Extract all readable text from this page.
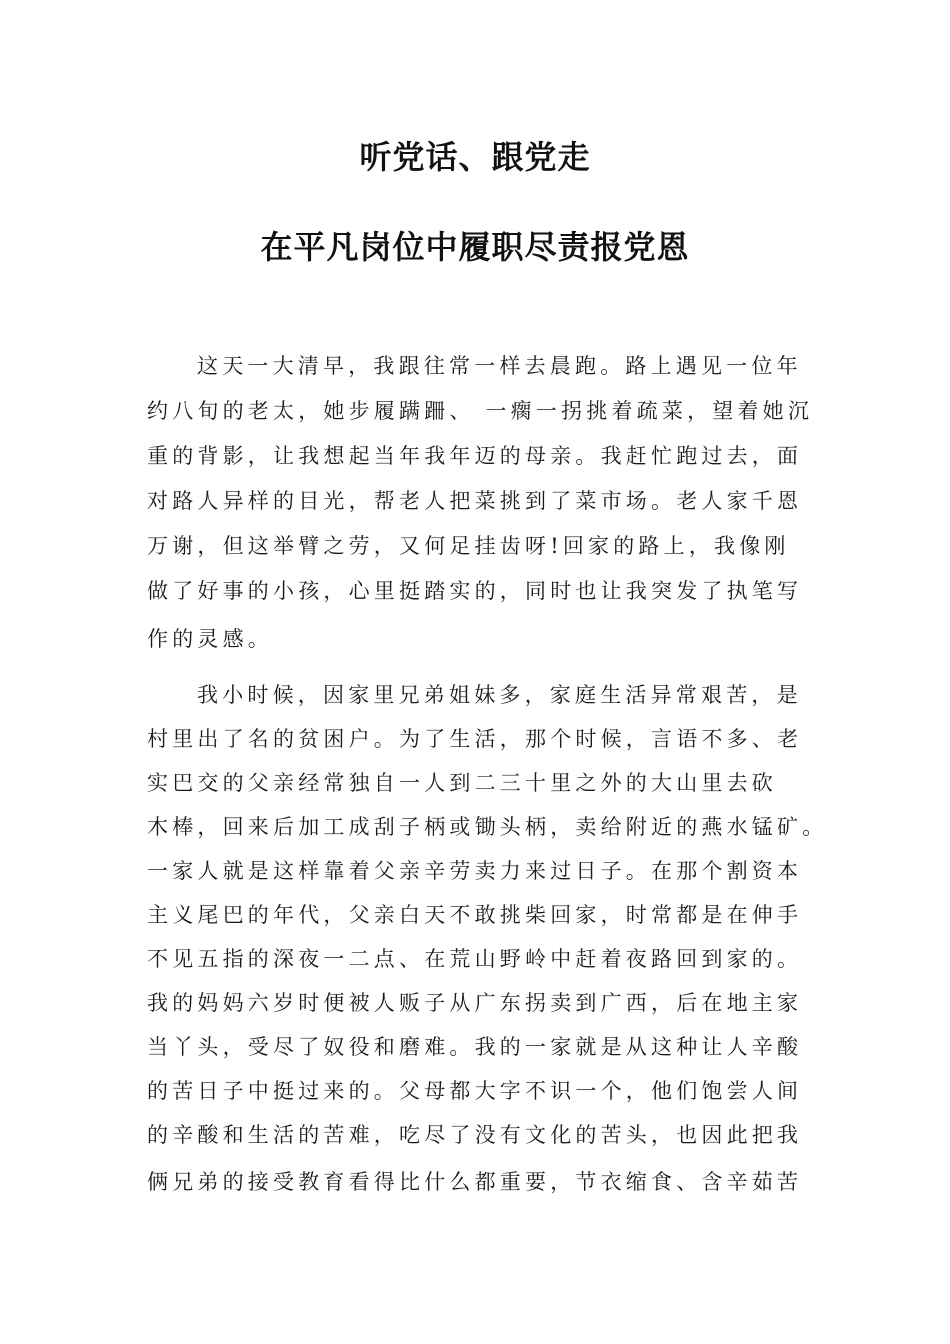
听党话、跟党走
在平凡岗位中履职尽责报党恩
这天一大清早，我跟往常一样去晨跑。路上遇见一位年
约八旬的老太，她步履蹒跚、 一瘸一拐挑着疏菜，望着她沉
重的背影，让我想起当年我年迈的母亲。我赶忙跑过去，面
对路人异样的目光，帮老人把菜挑到了菜市场。老人家千恩
万谢，但这举臂之劳，又何足挂齿呀!回家的路上，我像刚
做了好事的小孩，心里挺踏实的，同时也让我突发了执笔写
作的灵感。
我小时候，因家里兄弟姐妹多，家庭生活异常艰苦，是
村里出了名的贫困户。为了生活，那个时候，言语不多、老
实巴交的父亲经常独自一人到二三十里之外的大山里去砍
木棒，回来后加工成刮子柄或锄头柄，卖给附近的燕水锰矿。
一家人就是这样靠着父亲辛劳卖力来过日子。在那个割资本
主义尾巴的年代，父亲白天不敢挑柴回家，时常都是在伸手
不见五指的深夜一二点、在荒山野岭中赶着夜路回到家的。
我的妈妈六岁时便被人贩子从广东拐卖到广西，后在地主家
当丫头，受尽了奴役和磨难。我的一家就是从这种让人辛酸
的苦日子中挺过来的。父母都大字不识一个，他们饱尝人间
的辛酸和生活的苦难，吃尽了没有文化的苦头，也因此把我
俩兄弟的接受教育看得比什么都重要，节衣缩食、含辛茹苦
